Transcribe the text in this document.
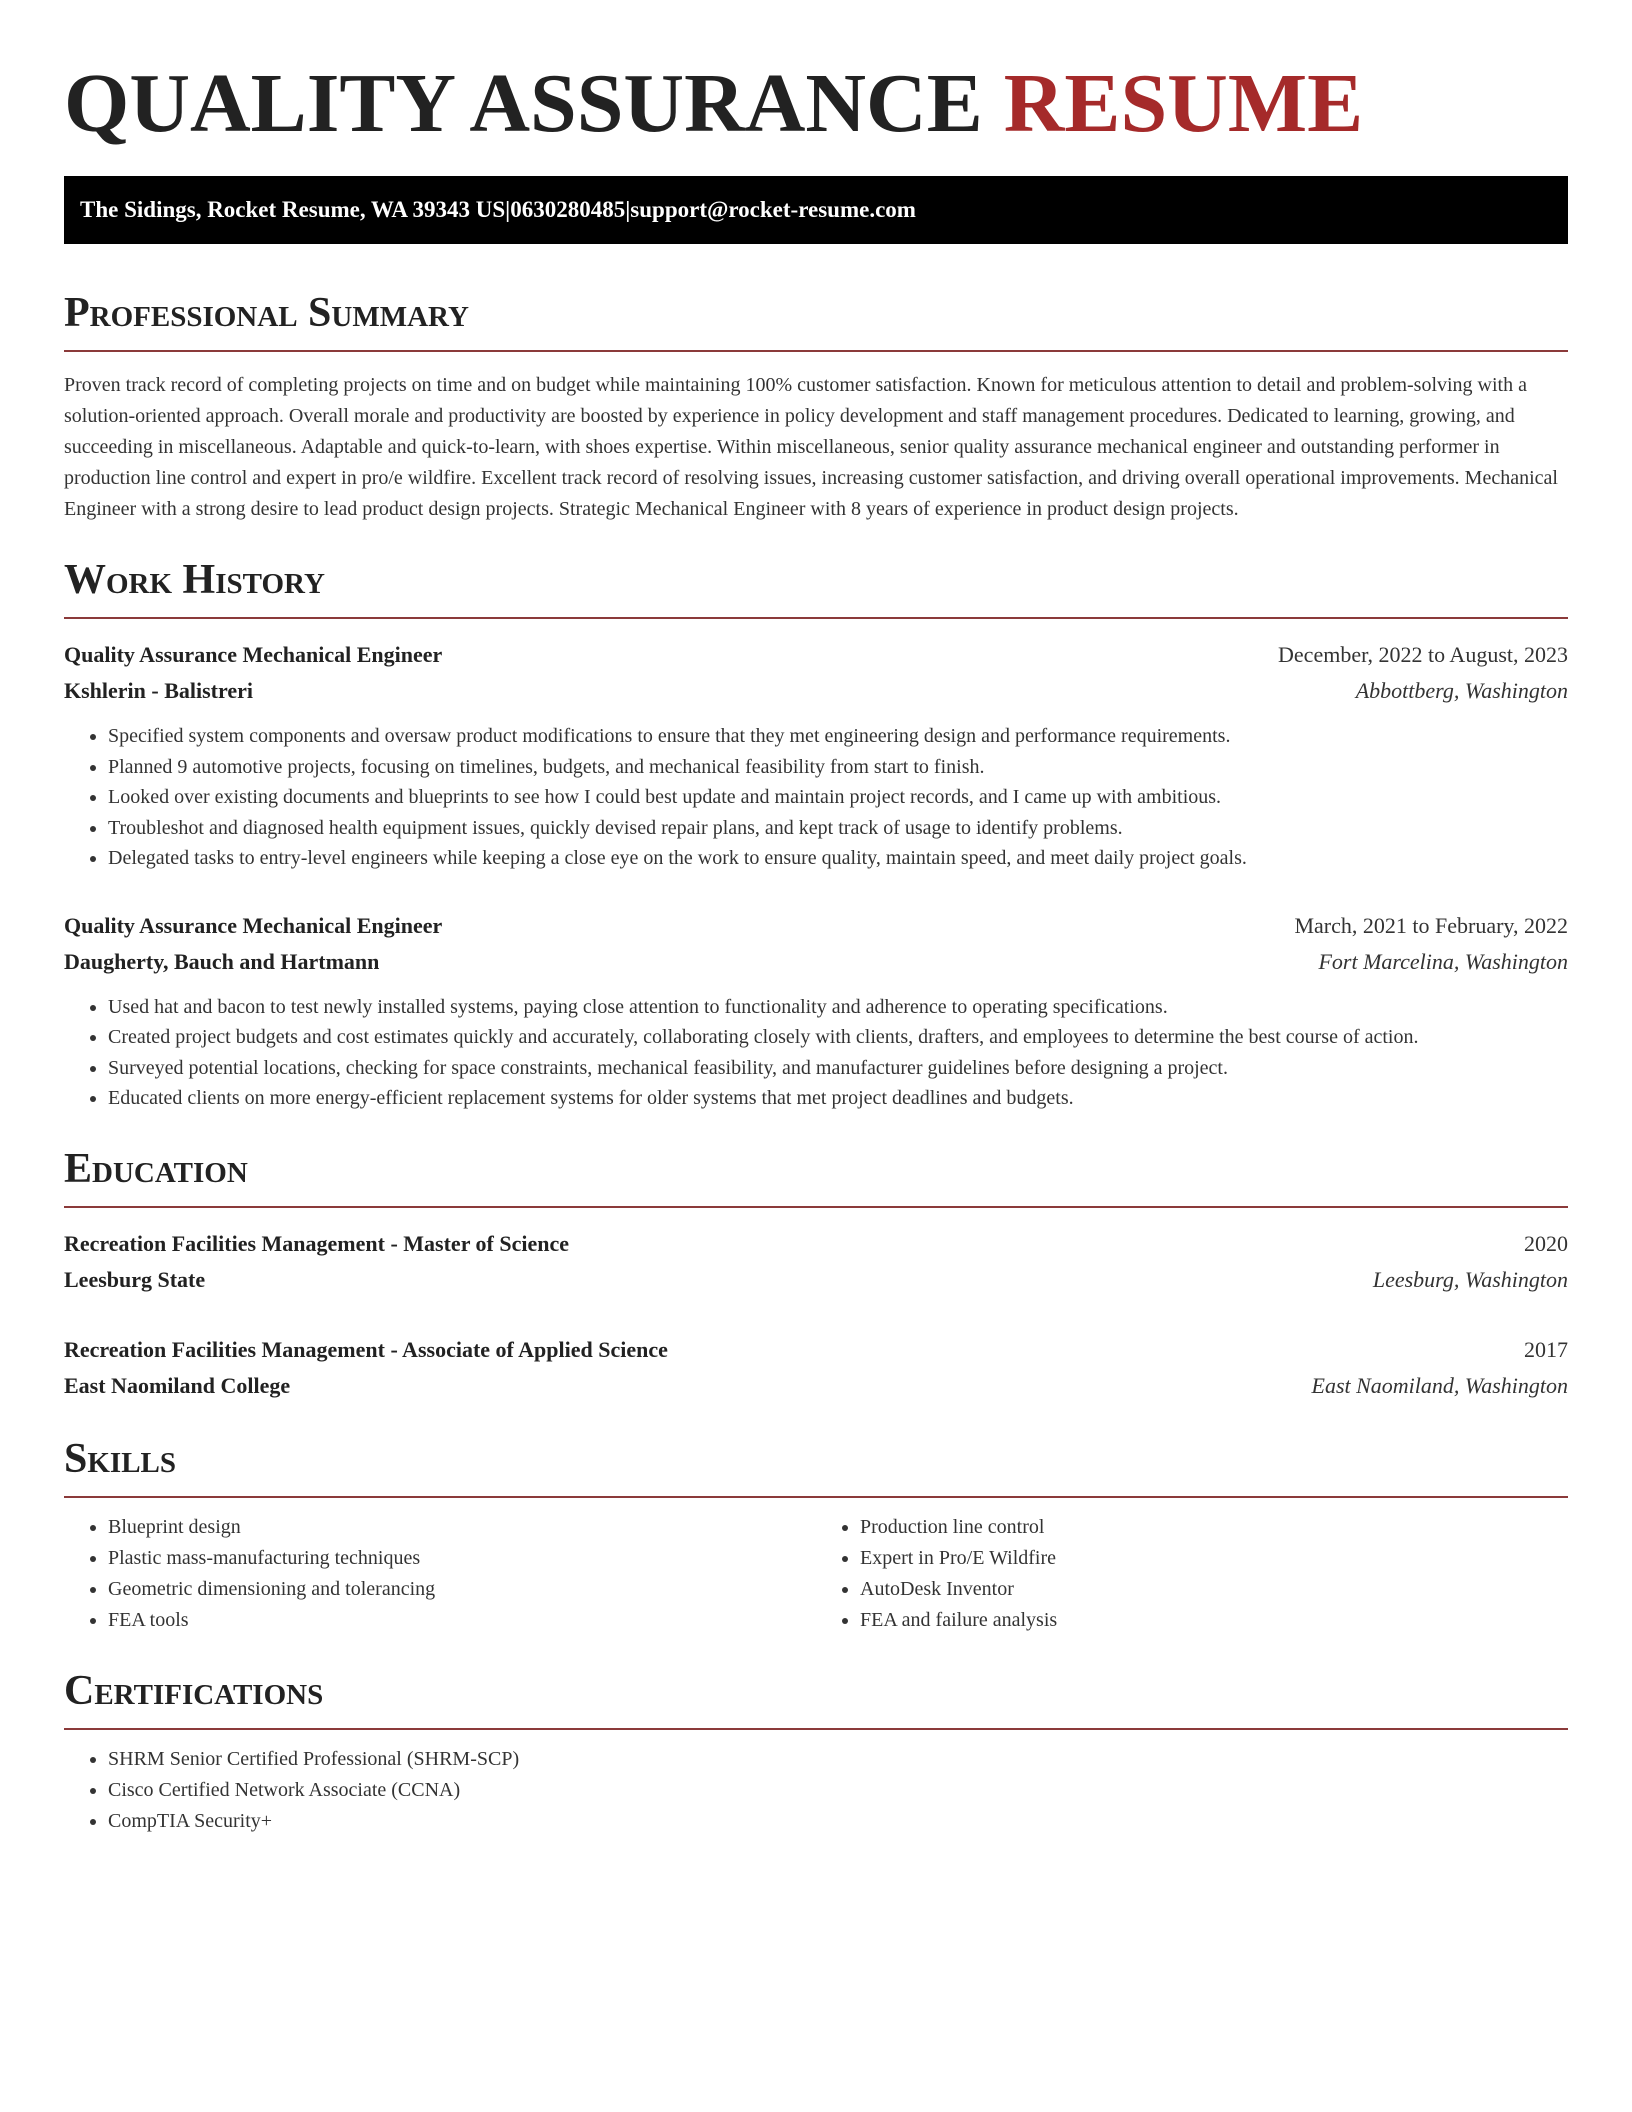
QUALITY ASSURANCE RESUME
The Sidings, Rocket Resume, WA 39343 US | 0630280485 | support@rocket-resume.com
Professional Summary

Proven track record of completing projects on time and on budget while maintaining 100% customer satisfaction. Known for meticulous attention to detail and problem-solving with a solution-oriented approach. Overall morale and productivity are boosted by experience in policy development and staff management procedures. Dedicated to learning, growing, and succeeding in miscellaneous. Adaptable and quick-to-learn, with shoes expertise. Within miscellaneous, senior quality assurance mechanical engineer and outstanding performer in production line control and expert in pro/e wildfire. Excellent track record of resolving issues, increasing customer satisfaction, and driving overall operational improvements. Mechanical Engineer with a strong desire to lead product design projects. Strategic Mechanical Engineer with 8 years of experience in product design projects.

Work History
Quality Assurance Mechanical Engineer	December, 2022 to August, 2023
Kshlerin - Balistreri	Abbottberg, Washington
• Specified system components and oversaw product modifications to ensure that they met engineering design and performance requirements.
• Planned 9 automotive projects, focusing on timelines, budgets, and mechanical feasibility from start to finish.
• Looked over existing documents and blueprints to see how I could best update and maintain project records, and I came up with ambitious.
• Troubleshot and diagnosed health equipment issues, quickly devised repair plans, and kept track of usage to identify problems.
• Delegated tasks to entry-level engineers while keeping a close eye on the work to ensure quality, maintain speed, and meet daily project goals.
Quality Assurance Mechanical Engineer	March, 2021 to February, 2022
Daugherty, Bauch and Hartmann	Fort Marcelina, Washington
• Used hat and bacon to test newly installed systems, paying close attention to functionality and adherence to operating specifications.
• Created project budgets and cost estimates quickly and accurately, collaborating closely with clients, drafters, and employees to determine the best course of action.
• Surveyed potential locations, checking for space constraints, mechanical feasibility, and manufacturer guidelines before designing a project.
• Educated clients on more energy-efficient replacement systems for older systems that met project deadlines and budgets.
Education
Recreation Facilities Management - Master of Science	2020
Leesburg State	Leesburg, Washington
Recreation Facilities Management - Associate of Applied Science	2017
East Naomiland College	East Naomiland, Washington
Skills
• Blueprint design
• Plastic mass-manufacturing techniques
• Geometric dimensioning and tolerancing
• FEA tools
• Production line control
• Expert in Pro/E Wildfire
• AutoDesk Inventor
• FEA and failure analysis
Certifications
• SHRM Senior Certified Professional (SHRM-SCP)
• Cisco Certified Network Associate (CCNA)
• CompTIA Security+
